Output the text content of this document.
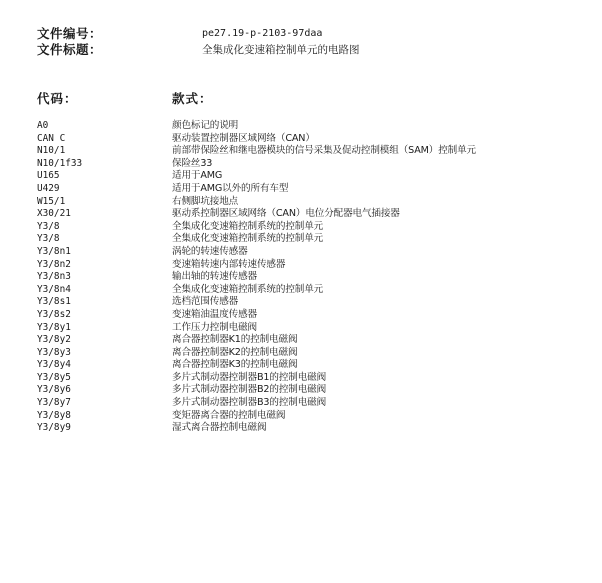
文件编号：	pe27.19-p-2103-97daa
文件标题：	全集成化变速箱控制单元的电路图
代码：	款式：
A0	颜色标记的说明
CAN C	驱动装置控制器区域网络（CAN）
N10/1	前部带保险丝和继电器模块的信号采集及促动控制模组（SAM）控制单元
N10/1f33	保险丝33
U165	适用于AMG
U429	适用于AMG以外的所有车型
W15/1	右侧脚坑接地点
X30/21	驱动系控制器区域网络（CAN）电位分配器电气插接器
Y3/8	全集成化变速箱控制系统的控制单元
Y3/8	全集成化变速箱控制系统的控制单元
Y3/8n1	涡轮的转速传感器
Y3/8n2	变速箱转速内部转速传感器
Y3/8n3	输出轴的转速传感器
Y3/8n4	全集成化变速箱控制系统的控制单元
Y3/8s1	选档范围传感器
Y3/8s2	变速箱油温度传感器
Y3/8y1	工作压力控制电磁阀
Y3/8y2	离合器控制器K1的控制电磁阀
Y3/8y3	离合器控制器K2的控制电磁阀
Y3/8y4	离合器控制器K3的控制电磁阀
Y3/8y5	多片式制动器控制器B1的控制电磁阀
Y3/8y6	多片式制动器控制器B2的控制电磁阀
Y3/8y7	多片式制动器控制器B3的控制电磁阀
Y3/8y8	变矩器离合器的控制电磁阀
Y3/8y9	湿式离合器控制电磁阀
